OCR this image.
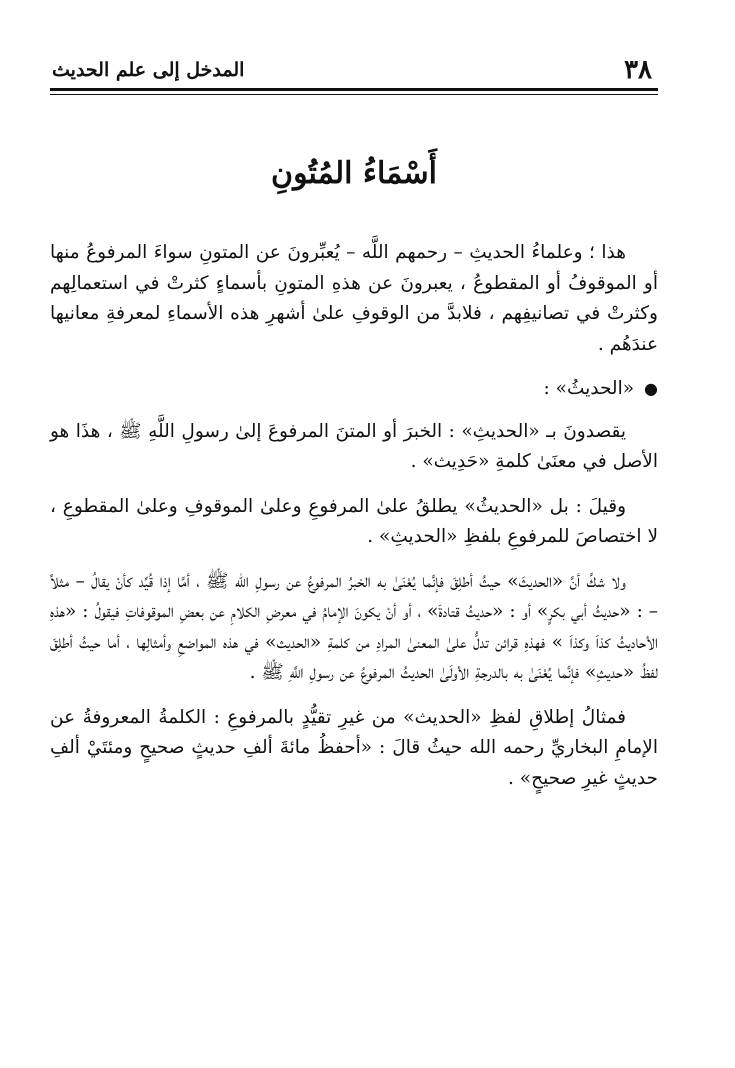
٣٨
المدخل إلى علم الحديث
أَسْمَاءُ المُتُونِ

هذا ؛ وعلماءُ الحديثِ – رحمهم اللَّه – يُعبِّرونَ عن المتونِ سواءَ المرفوعُ منها أو الموقوفُ أو المقطوعُ ، يعبرونَ عن هذهِ المتونِ بأسماءٍ كثرتْ في استعمالِهم وكثرتْ في تصانيفِهم ، فلابدَّ من الوقوفِ علىٰ أشهرِ هذه الأسماءِ لمعرفةِ معانيها عندَهُم .

●«الحديثُ» :

يقصدونَ بـ «الحديثِ» : الخبرَ أو المتنَ المرفوعَ إلىٰ رسولِ اللَّهِ ﷺ ، هذَا هو الأصل في معنَىٰ كلمةِ «حَدِيث» .

وقيلَ : بل «الحديثُ» يطلقُ علىٰ المرفوعِ وعلىٰ الموقوفِ وعلىٰ المقطوعِ ، لا اختصاصَ للمرفوعِ بلفظِ «الحديثِ» .

ولا شكَّ أنَّ «الحديثَ» حيثُ أطلِقَ فإنَّما يُعْنَىٰ به الخبرُ المرفوعُ عن رسولِ الله ﷺ ، أمَّا إذا قُيِّد كأنْ يقالُ – مثلاً – : «حديثُ أبي بكرٍ» أو : «حديثُ قتادةَ» ، أو أنْ يكونَ الإمامُ في معرضِ الكلامِ عن بعضِ الموقوفاتِ فيقولُ : «هذهِ الأحاديثُ كذاَ وكذاَ » فهذهِ قرائن تدلُّ علىٰ المعنىٰ المرادِ من كلمةِ «الحديث» في هذه المواضعِ وأمثالِها ، أما حيثُ أطلِقَ لفظُ «حديثِ» فإنَّما يُعْنَىٰ به بالدرجةِ الأولَىٰ الحديثُ المرفوعُ عن رسولِ اللَّهِ ﷺ .

فمثالُ إطلاقِ لفظِ «الحديث» من غيرِ تقيُّدٍ بالمرفوعِ : الكلمةُ المعروفةُ عن الإمامِ البخاريِّ رحمه الله حيثُ قالَ : «أحفظُ مائةَ ألفِ حديثٍ صحيحٍ ومئتَيْ ألفِ حديثٍ غيرِ صحيحٍ» .
